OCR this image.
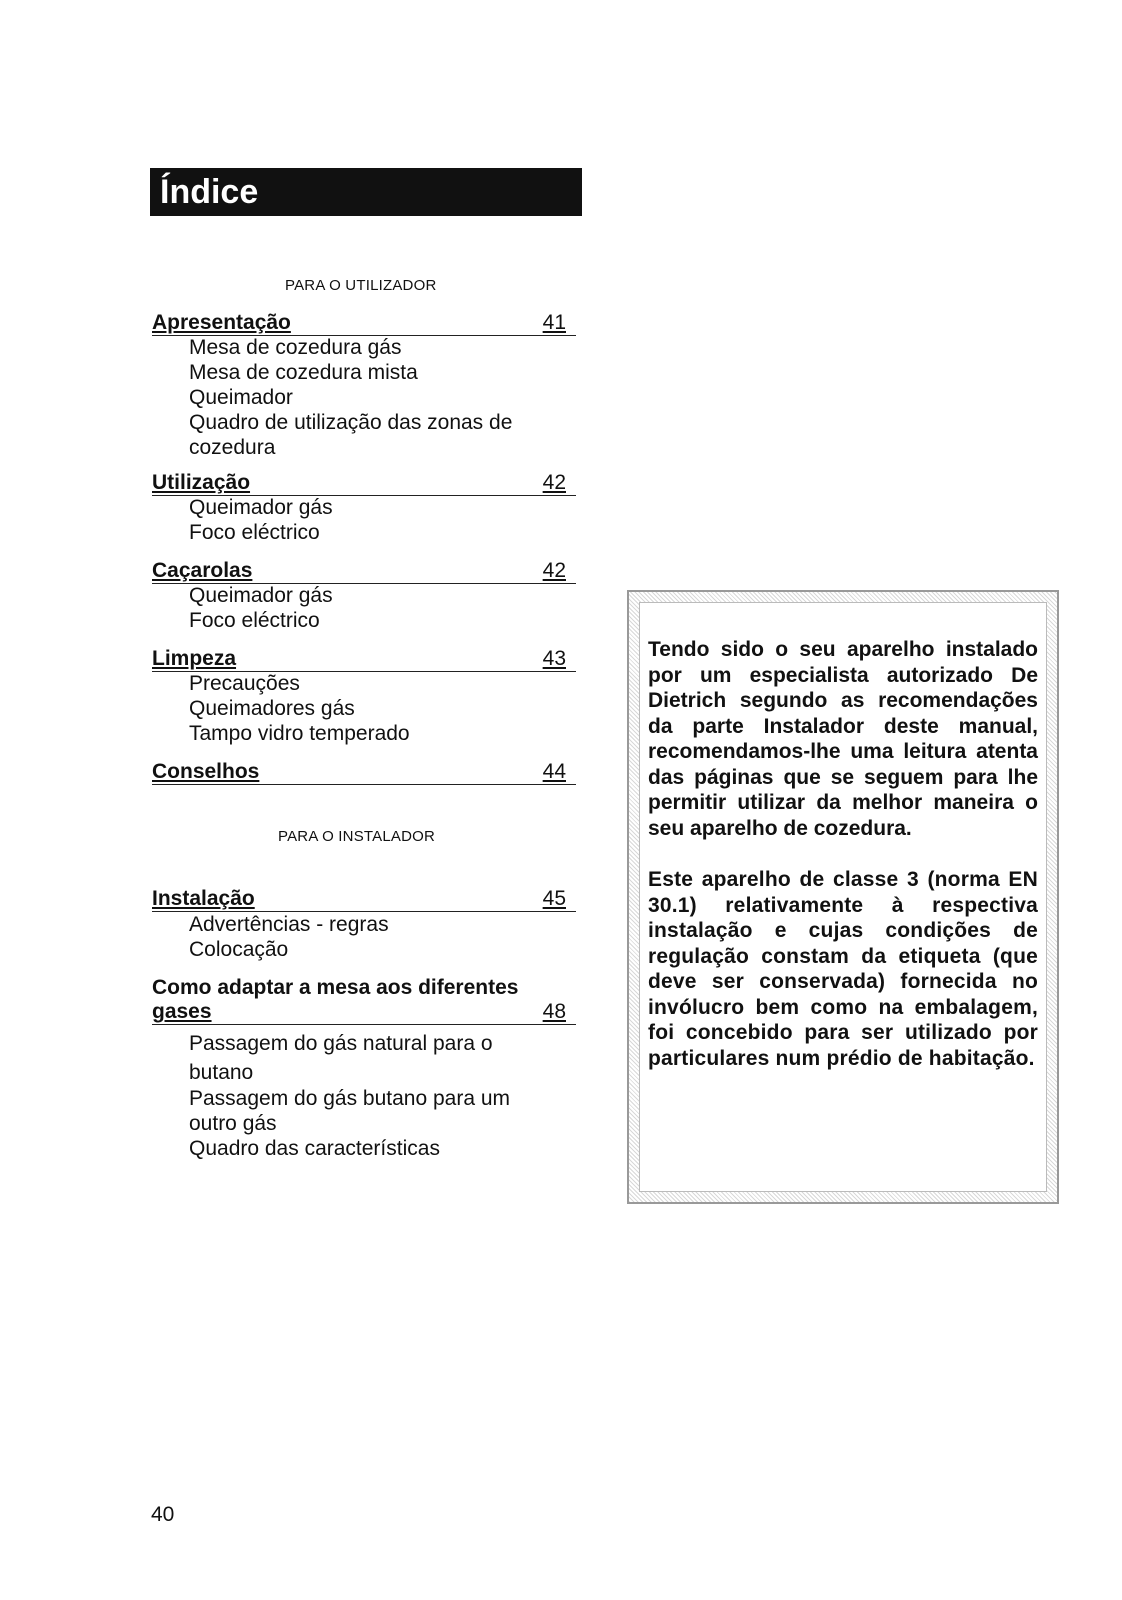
Índice
PARA O UTILIZADOR
Apresentação	41
Mesa de cozedura gás
Mesa de cozedura mista
Queimador
Quadro de utilização das zonas de
cozedura
Utilização	42
Queimador gás
Foco eléctrico
Caçarolas	42
Queimador gás
Foco eléctrico
Limpeza	43
Precauções
Queimadores gás
Tampo vidro temperado
Conselhos	44
PARA O INSTALADOR
Instalação	45
Advertências - regras
Colocação
Como adaptar a mesa aos diferentes
gases	48
Passagem do gás natural para o
butano
Passagem do gás butano para um
outro gás
Quadro das características
Tendo sido o seu aparelho instalado por um especialista autorizado De Dietrich segundo as recomendações da parte Instalador deste manual, recomendamos-lhe uma leitura atenta das páginas que se seguem para lhe permitir utilizar da melhor maneira o seu aparelho de cozedura.
Este aparelho de classe 3 (norma EN 30.1) relativamente à respectiva instalação e cujas condições de regulação constam da etiqueta (que deve ser conservada) fornecida no invólucro bem como na embalagem, foi concebido para ser utilizado por particulares num prédio de habitação.
40
